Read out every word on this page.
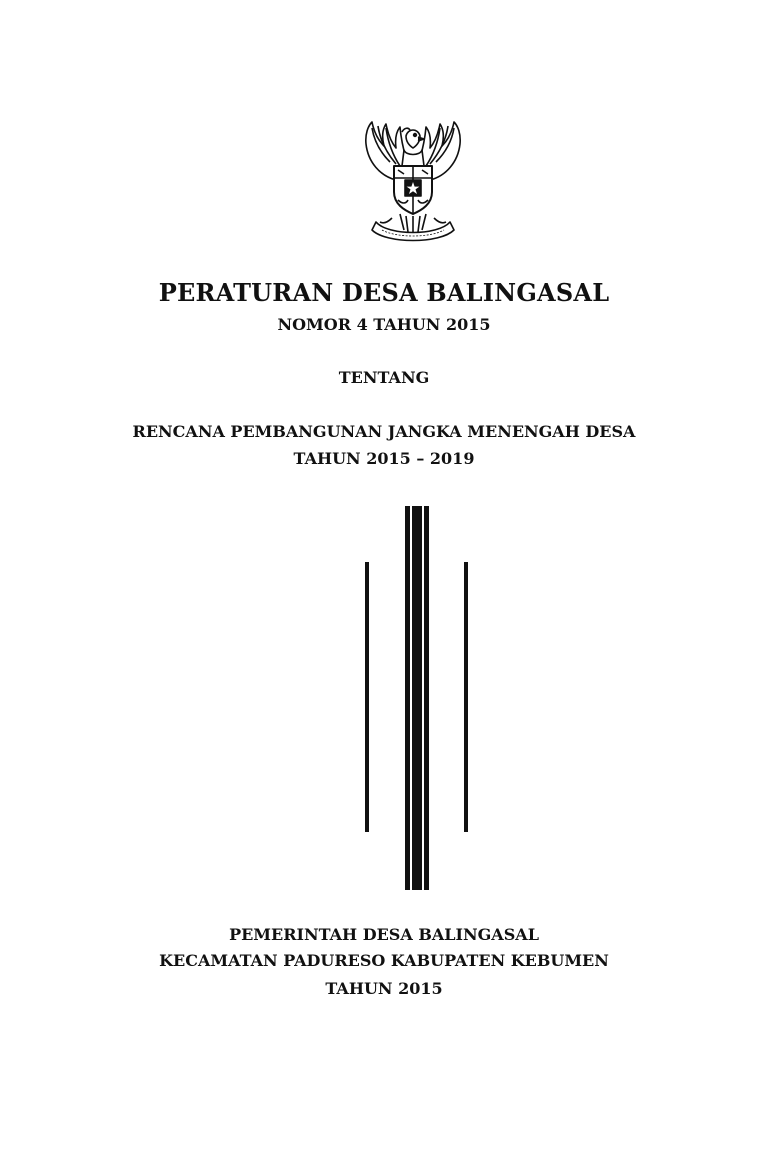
PERATURAN DESA BALINGASAL
NOMOR 4 TAHUN 2015
TENTANG
RENCANA PEMBANGUNAN JANGKA MENENGAH DESA
TAHUN 2015 – 2019
PEMERINTAH DESA BALINGASAL
KECAMATAN PADURESO KABUPATEN KEBUMEN
TAHUN 2015
